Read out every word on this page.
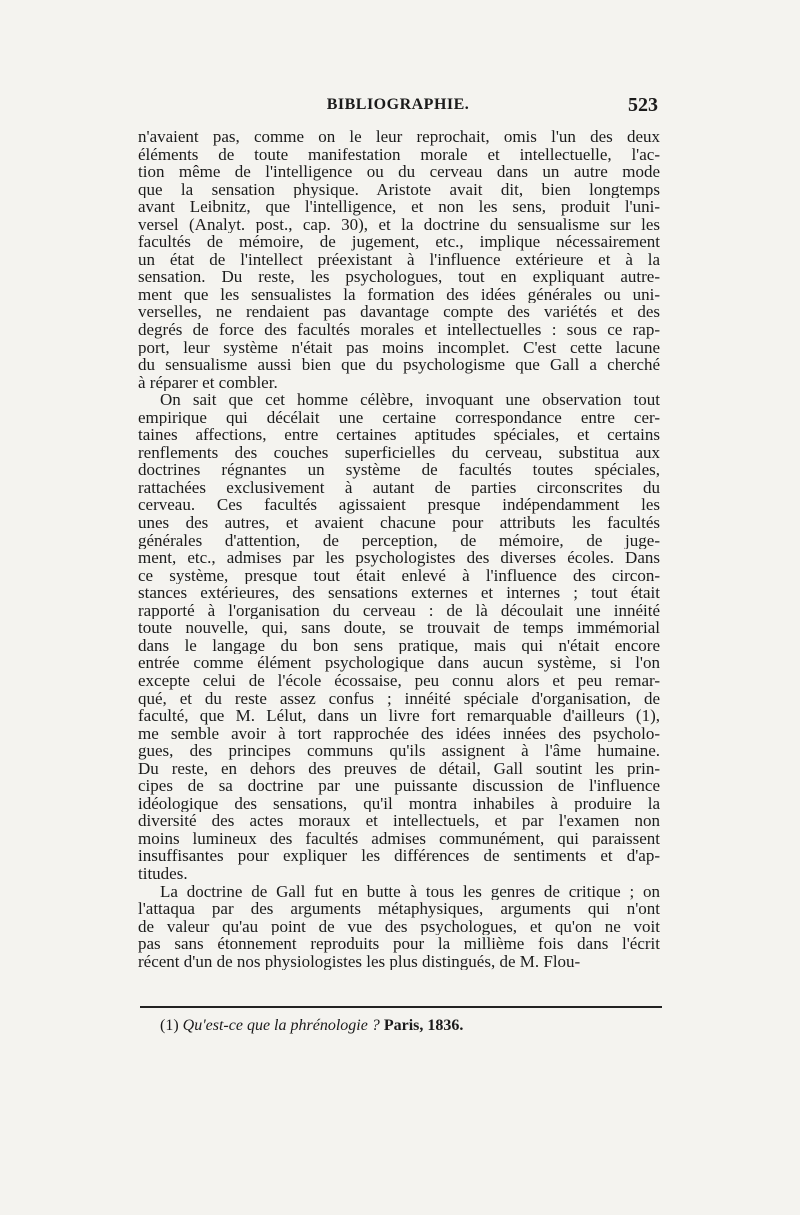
BIBLIOGRAPHIE.	523
n'avaient pas, comme on le leur reprochait, omis l'un des deux
éléments de toute manifestation morale et intellectuelle, l'ac-
tion même de l'intelligence ou du cerveau dans un autre mode
que la sensation physique. Aristote avait dit, bien longtemps
avant Leibnitz, que l'intelligence, et non les sens, produit l'uni-
versel (Analyt. post., cap. 30), et la doctrine du sensualisme sur les
facultés de mémoire, de jugement, etc., implique nécessairement
un état de l'intellect préexistant à l'influence extérieure et à la
sensation. Du reste, les psychologues, tout en expliquant autre-
ment que les sensualistes la formation des idées générales ou uni-
verselles, ne rendaient pas davantage compte des variétés et des
degrés de force des facultés morales et intellectuelles : sous ce rap-
port, leur système n'était pas moins incomplet. C'est cette lacune
du sensualisme aussi bien que du psychologisme que Gall a cherché
à réparer et combler.
On sait que cet homme célèbre, invoquant une observation tout
empirique qui décélait une certaine correspondance entre cer-
taines affections, entre certaines aptitudes spéciales, et certains
renflements des couches superficielles du cerveau, substitua aux
doctrines régnantes un système de facultés toutes spéciales,
rattachées exclusivement à autant de parties circonscrites du
cerveau. Ces facultés agissaient presque indépendamment les
unes des autres, et avaient chacune pour attributs les facultés
générales d'attention, de perception, de mémoire, de juge-
ment, etc., admises par les psychologistes des diverses écoles. Dans
ce système, presque tout était enlevé à l'influence des circon-
stances extérieures, des sensations externes et internes ; tout était
rapporté à l'organisation du cerveau : de là découlait une innéité
toute nouvelle, qui, sans doute, se trouvait de temps immémorial
dans le langage du bon sens pratique, mais qui n'était encore
entrée comme élément psychologique dans aucun système, si l'on
excepte celui de l'école écossaise, peu connu alors et peu remar-
qué, et du reste assez confus ; innéité spéciale d'organisation, de
faculté, que M. Lélut, dans un livre fort remarquable d'ailleurs (1),
me semble avoir à tort rapprochée des idées innées des psycholo-
gues, des principes communs qu'ils assignent à l'âme humaine.
Du reste, en dehors des preuves de détail, Gall soutint les prin-
cipes de sa doctrine par une puissante discussion de l'influence
idéologique des sensations, qu'il montra inhabiles à produire la
diversité des actes moraux et intellectuels, et par l'examen non
moins lumineux des facultés admises communément, qui paraissent
insuffisantes pour expliquer les différences de sentiments et d'ap-
titudes.
La doctrine de Gall fut en butte à tous les genres de critique ; on
l'attaqua par des arguments métaphysiques, arguments qui n'ont
de valeur qu'au point de vue des psychologues, et qu'on ne voit
pas sans étonnement reproduits pour la millième fois dans l'écrit
récent d'un de nos physiologistes les plus distingués, de M. Flou-
(1) Qu'est-ce que la phrénologie ? Paris, 1836.
